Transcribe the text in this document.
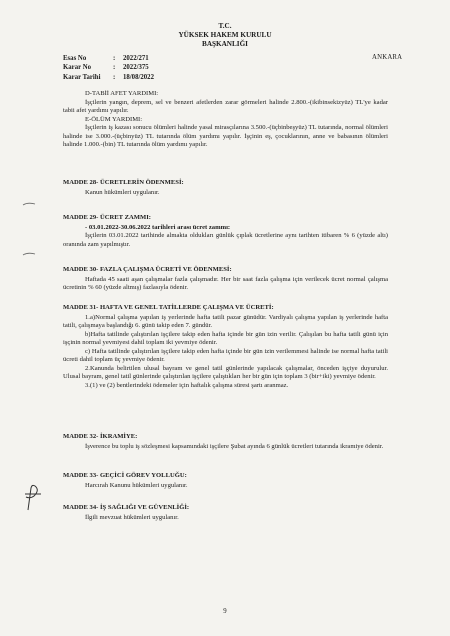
T.C.
YÜKSEK HAKEM KURULU
BAŞKANLIĞI
Esas No	: 2022/271
Karar No	: 2022/375
Karar Tarihi : 18/08/2022
ANKARA

D-TABİİ AFET YARDIMI:

İşçilerin yangın, deprem, sel ve benzeri afetlerden zarar görmeleri halinde 2.800.-(ikibinsekizyüz) TL'ye kadar tabii afet yardımı yapılır.

E-ÖLÜM YARDIMI:

İşçilerin iş kazası sonucu ölümleri halinde yasal mirasçılarına 3.500.-(üçbinbeşyüz) TL tutarında, normal ölümleri halinde ise 3.000.-(üçbinyüz) TL tutarında ölüm yardımı yapılır. İşçinin eş, çocuklarının, anne ve babasının ölümleri halinde 1.000.-(bin) TL tutarında ölüm yardımı yapılır.

MADDE 28- ÜCRETLERİN ÖDENMESİ:

Kanun hükümleri uygulanır.

MADDE 29- ÜCRET ZAMMI:

- 03.01.2022-30.06.2022 tarihleri arası ücret zammı:

İşçilerin 03.01.2022 tarihinde almakta oldukları günlük çıplak ücretlerine aynı tarihten itibaren % 6 (yüzde altı) oranında zam yapılmıştır.

MADDE 30- FAZLA ÇALIŞMA ÜCRETİ VE ÖDENMESİ:

Haftada 45 saati aşan çalışmalar fazla çalışmadır. Her bir saat fazla çalışma için verilecek ücret normal çalışma ücretinin % 60 (yüzde altmış) fazlasıyla ödenir.

MADDE 31- HAFTA VE GENEL TATİLLERDE ÇALIŞMA VE ÜCRETİ:

1.a)Normal çalışma yapılan iş yerlerinde hafta tatili pazar günüdür. Vardiyalı çalışma yapılan iş yerlerinde hafta tatili, çalışmaya başlandığı 6. günü takip eden 7. gündür.

b)Hafta tatilinde çalıştırılan işçilere takip eden hafta içinde bir gün izin verilir. Çalışılan bu hafta tatili günü için işçinin normal yevmiyesi dahil toplam iki yevmiye ödenir.

c) Hafta tatilinde çalıştırılan işçilere takip eden hafta içinde bir gün izin verilemmesi halinde ise normal hafta tatili ücreti dahil toplam üç yevmiye ödenir.

2.Kanunda belirtilen ulusal bayram ve genel tatil günlerinde yapılacak çalışmalar, önceden işçiye duyurulur. Ulusal bayram, genel tatil günlerinde çalıştırılan işçilere çalıştıkları her bir gün için toplam 3 (bir+iki) yevmiye ödenir.

3.(1) ve (2) bentlerindeki ödemeler için haftalık çalışma süresi şartı aranmaz.

MADDE 32- İKRAMİYE:

İşverence bu toplu iş sözleşmesi kapsamındaki işçilere Şubat ayında 6 günlük ücretleri tutarında ikramiye ödenir.

MADDE 33- GEÇİCİ GÖREV YOLLUĞU:

Harcırah Kanunu hükümleri uygulanır.

MADDE 34- İŞ SAĞLIĞI VE GÜVENLİĞİ:

İlgili mevzuat hükümleri uygulanır.

9
